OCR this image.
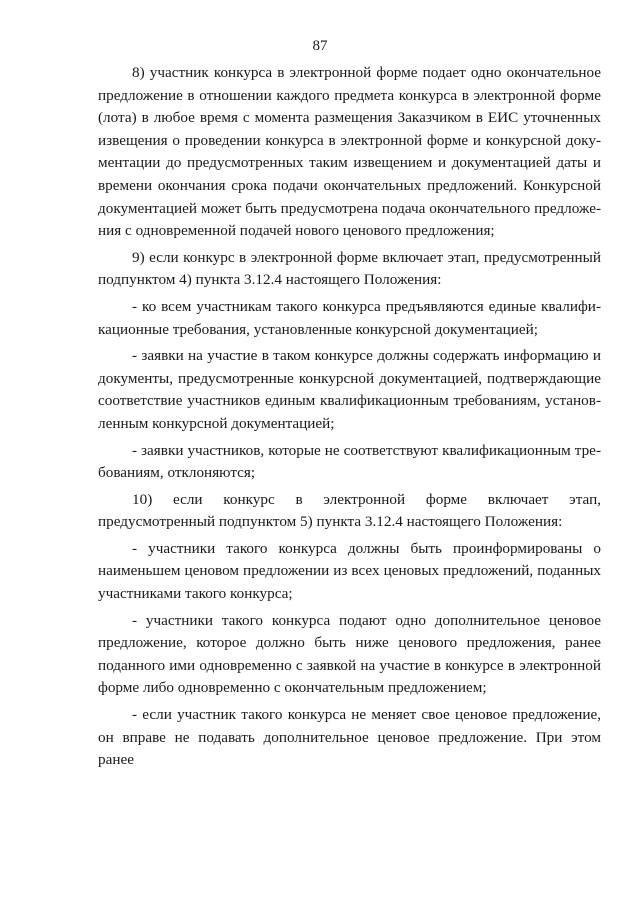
87

8) участник конкурса в электронной форме подает одно окончательное предложение в отношении каждого предмета конкурса в электронной форме (лота) в любое время с момента размещения Заказчиком в ЕИС уточненных извещения о проведении конкурса в электронной форме и конкурсной документации до предусмотренных таким извещением и документацией даты и времени окончания срока подачи окончательных предложений. Конкурсной документацией может быть предусмотрена подача окончательного предложения с одновременной подачей нового ценового предложения;

9) если конкурс в электронной форме включает этап, предусмотренный подпунктом 4) пункта 3.12.4 настоящего Положения:

- ко всем участникам такого конкурса предъявляются единые квалификационные требования, установленные конкурсной документацией;

- заявки на участие в таком конкурсе должны содержать информацию и документы, предусмотренные конкурсной документацией, подтверждающие соответствие участников единым квалификационным требованиям, установленным конкурсной документацией;

- заявки участников, которые не соответствуют квалификационным требованиям, отклоняются;

10) если конкурс в электронной форме включает этап, предусмотренный подпунктом 5) пункта 3.12.4 настоящего Положения:

- участники такого конкурса должны быть проинформированы о наименьшем ценовом предложении из всех ценовых предложений, поданных участниками такого конкурса;

- участники такого конкурса подают одно дополнительное ценовое предложение, которое должно быть ниже ценового предложения, ранее поданного ими одновременно с заявкой на участие в конкурсе в электронной форме либо одновременно с окончательным предложением;

- если участник такого конкурса не меняет свое ценовое предложение, он вправе не подавать дополнительное ценовое предложение. При этом ранее
